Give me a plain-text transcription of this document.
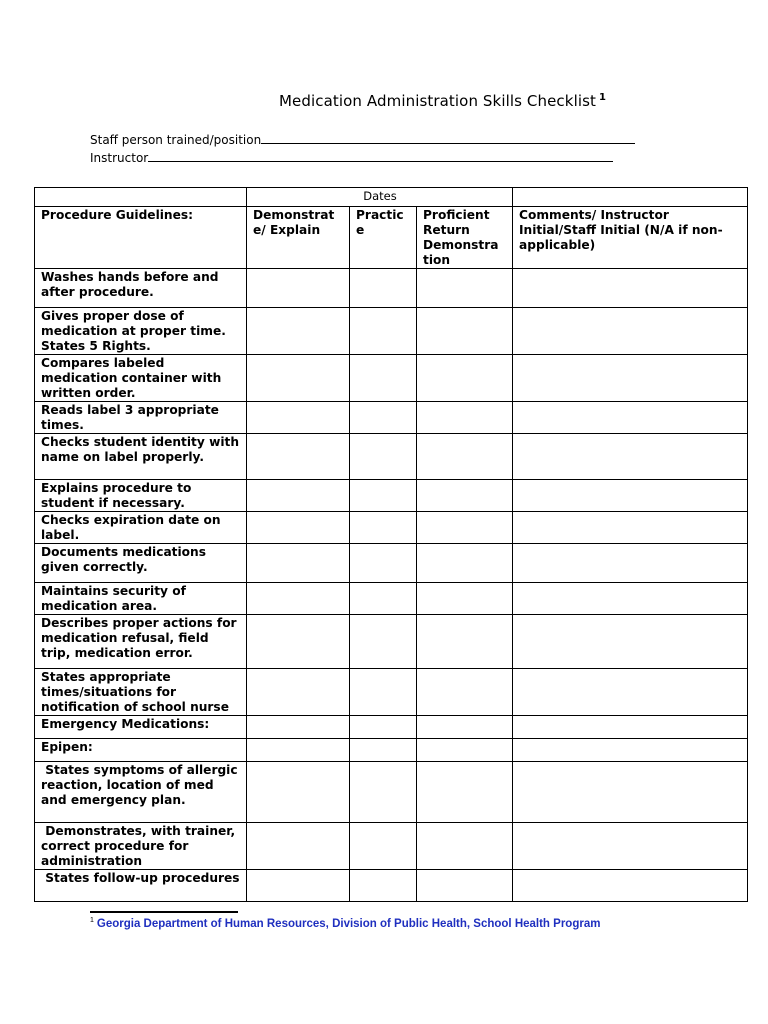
Medication Administration Skills Checklist $^1$
Staff person trained/position
Instructor
	Dates			
Procedure Guidelines:	Demonstrat e/ Explain	Practic e	Proficient Return Demonstra tion	Comments/ Instructor Initial/Staff Initial (N/A if non-applicable)
Washes hands before and after procedure.				
Gives proper dose of medication at proper time. States 5 Rights.				
Compares labeled medication container with written order.				
Reads label 3 appropriate times.				
Checks student identity with name on label properly.				
Explains procedure to student if necessary.				
Checks expiration date on label.				
Documents medications given correctly.				
Maintains security of medication area.				
Describes proper actions for medication refusal, field trip, medication error.				
States appropriate times/situations for notification of school nurse				
Emergency Medications:				
Epipen:				
States symptoms of allergic reaction, location of med and emergency plan.				
Demonstrates, with trainer, correct procedure for administration				
States follow-up procedures				
$^1$ Georgia Department of Human Resources, Division of Public Health, School Health Program
